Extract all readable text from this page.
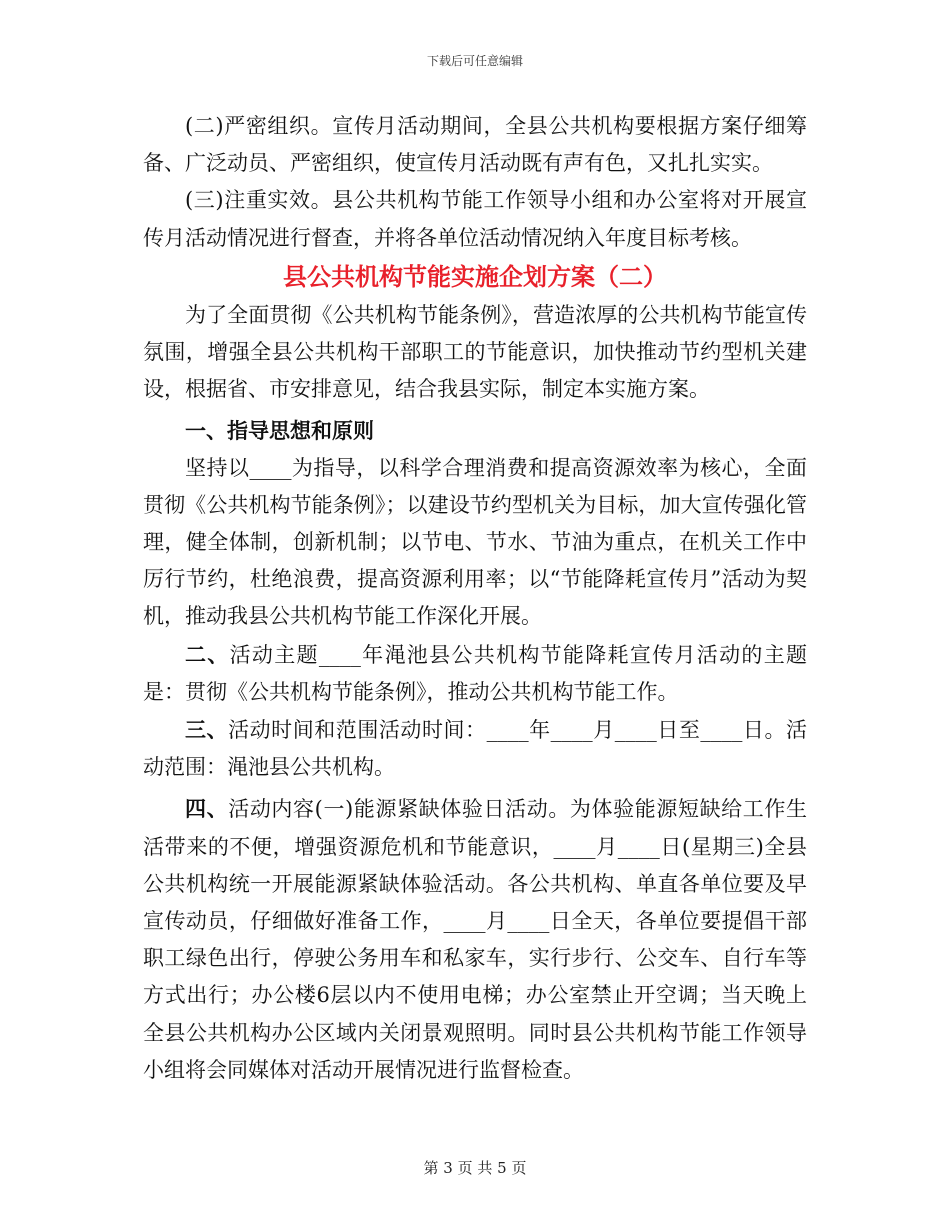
下载后可任意编辑

(二)严密组织。宣传月活动期间，全县公共机构要根据方案仔细筹备、广泛动员、严密组织，使宣传月活动既有声有色，又扎扎实实。

(三)注重实效。县公共机构节能工作领导小组和办公室将对开展宣传月活动情况进行督查，并将各单位活动情况纳入年度目标考核。

县公共机构节能实施企划方案（二）

为了全面贯彻《公共机构节能条例》，营造浓厚的公共机构节能宣传氛围，增强全县公共机构干部职工的节能意识，加快推动节约型机关建设，根据省、市安排意见，结合我县实际，制定本实施方案。

一、指导思想和原则

坚持以____为指导，以科学合理消费和提高资源效率为核心，全面贯彻《公共机构节能条例》；以建设节约型机关为目标，加大宣传强化管理，健全体制，创新机制；以节电、节水、节油为重点，在机关工作中厉行节约，杜绝浪费，提高资源利用率；以“节能降耗宣传月”活动为契机，推动我县公共机构节能工作深化开展。

二、活动主题____年渑池县公共机构节能降耗宣传月活动的主题是：贯彻《公共机构节能条例》，推动公共机构节能工作。

三、活动时间和范围活动时间：____年____月____日至____日。活动范围：渑池县公共机构。

四、活动内容(一)能源紧缺体验日活动。为体验能源短缺给工作生活带来的不便，增强资源危机和节能意识，____月____日(星期三)全县公共机构统一开展能源紧缺体验活动。各公共机构、单直各单位要及早宣传动员，仔细做好准备工作，____月____日全天，各单位要提倡干部职工绿色出行，停驶公务用车和私家车，实行步行、公交车、自行车等方式出行；办公楼6层以内不使用电梯；办公室禁止开空调；当天晚上全县公共机构办公区域内关闭景观照明。同时县公共机构节能工作领导小组将会同媒体对活动开展情况进行监督检查。

第 3 页 共 5 页
